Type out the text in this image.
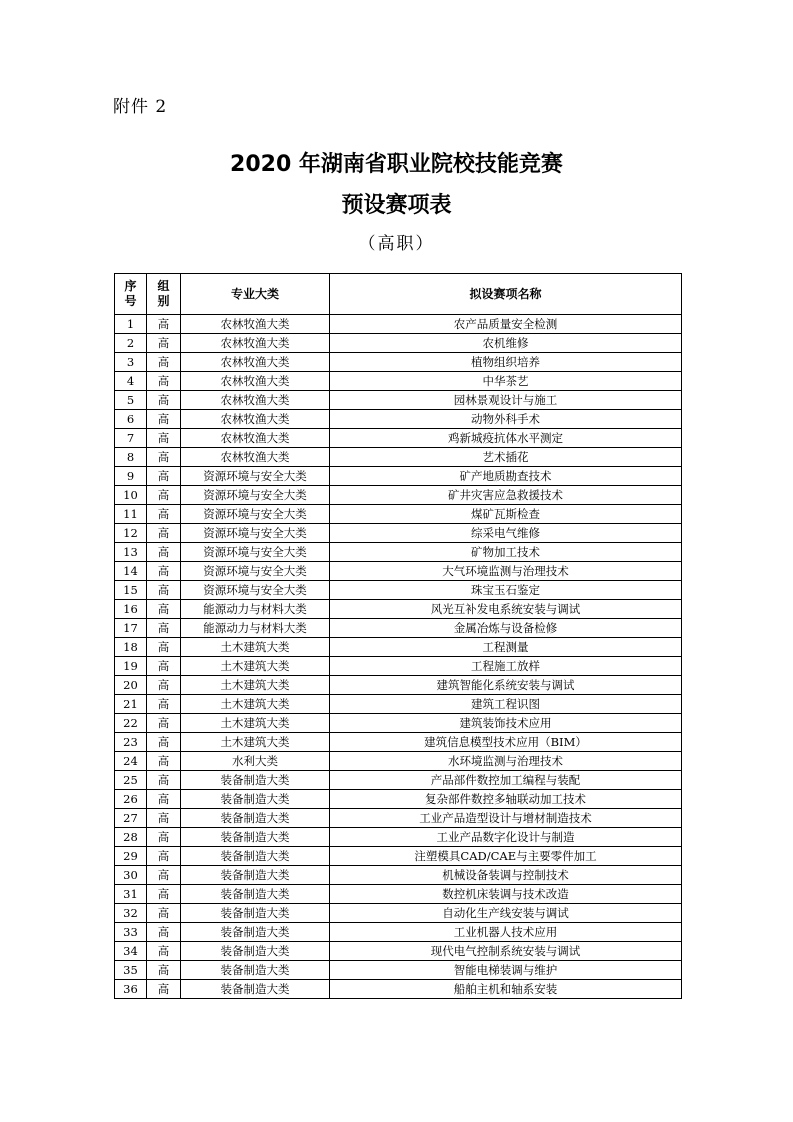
附件 2
2020 年湖南省职业院校技能竞赛
预设赛项表
（高职）
序号	组别	专业大类	拟设赛项名称
1	高	农林牧渔大类	农产品质量安全检测
2	高	农林牧渔大类	农机维修
3	高	农林牧渔大类	植物组织培养
4	高	农林牧渔大类	中华茶艺
5	高	农林牧渔大类	园林景观设计与施工
6	高	农林牧渔大类	动物外科手术
7	高	农林牧渔大类	鸡新城疫抗体水平测定
8	高	农林牧渔大类	艺术插花
9	高	资源环境与安全大类	矿产地质勘查技术
10	高	资源环境与安全大类	矿井灾害应急救援技术
11	高	资源环境与安全大类	煤矿瓦斯检查
12	高	资源环境与安全大类	综采电气维修
13	高	资源环境与安全大类	矿物加工技术
14	高	资源环境与安全大类	大气环境监测与治理技术
15	高	资源环境与安全大类	珠宝玉石鉴定
16	高	能源动力与材料大类	风光互补发电系统安装与调试
17	高	能源动力与材料大类	金属冶炼与设备检修
18	高	土木建筑大类	工程测量
19	高	土木建筑大类	工程施工放样
20	高	土木建筑大类	建筑智能化系统安装与调试
21	高	土木建筑大类	建筑工程识图
22	高	土木建筑大类	建筑装饰技术应用
23	高	土木建筑大类	建筑信息模型技术应用（BIM）
24	高	水利大类	水环境监测与治理技术
25	高	装备制造大类	产品部件数控加工编程与装配
26	高	装备制造大类	复杂部件数控多轴联动加工技术
27	高	装备制造大类	工业产品造型设计与增材制造技术
28	高	装备制造大类	工业产品数字化设计与制造
29	高	装备制造大类	注塑模具CAD/CAE与主要零件加工
30	高	装备制造大类	机械设备装调与控制技术
31	高	装备制造大类	数控机床装调与技术改造
32	高	装备制造大类	自动化生产线安装与调试
33	高	装备制造大类	工业机器人技术应用
34	高	装备制造大类	现代电气控制系统安装与调试
35	高	装备制造大类	智能电梯装调与维护
36	高	装备制造大类	船舶主机和轴系安装
